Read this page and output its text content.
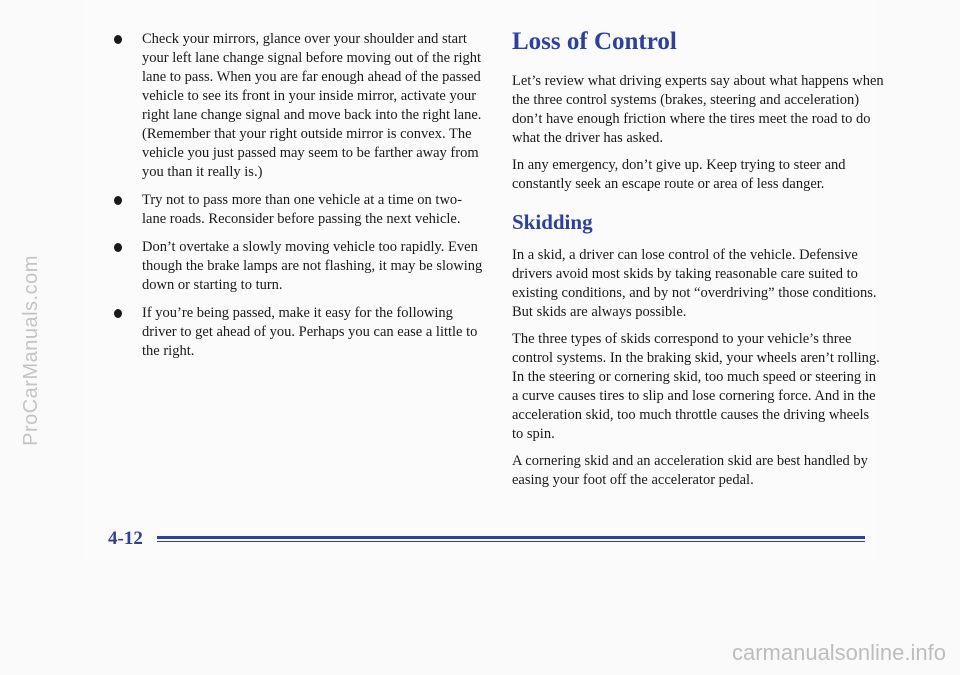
ProCarManuals.com
Check your mirrors, glance over your shoulder and start your left lane change signal before moving out of the right lane to pass. When you are far enough ahead of the passed vehicle to see its front in your inside mirror, activate your right lane change signal and move back into the right lane. (Remember that your right outside mirror is convex. The vehicle you just passed may seem to be farther away from you than it really is.)
Try not to pass more than one vehicle at a time on two-lane roads. Reconsider before passing the next vehicle.
Don’t overtake a slowly moving vehicle too rapidly. Even though the brake lamps are not flashing, it may be slowing down or starting to turn.
If you’re being passed, make it easy for the following driver to get ahead of you. Perhaps you can ease a little to the right.
Loss of Control

Let’s review what driving experts say about what happens when the three control systems (brakes, steering and acceleration) don’t have enough friction where the tires meet the road to do what the driver has asked.

In any emergency, don’t give up. Keep trying to steer and constantly seek an escape route or area of less danger.

Skidding

In a skid, a driver can lose control of the vehicle. Defensive drivers avoid most skids by taking reasonable care suited to existing conditions, and by not “overdriving” those conditions. But skids are always possible.

The three types of skids correspond to your vehicle’s three control systems. In the braking skid, your wheels aren’t rolling. In the steering or cornering skid, too much speed or steering in a curve causes tires to slip and lose cornering force. And in the acceleration skid, too much throttle causes the driving wheels to spin.

A cornering skid and an acceleration skid are best handled by easing your foot off the accelerator pedal.

4-12
carmanualsonline.info
